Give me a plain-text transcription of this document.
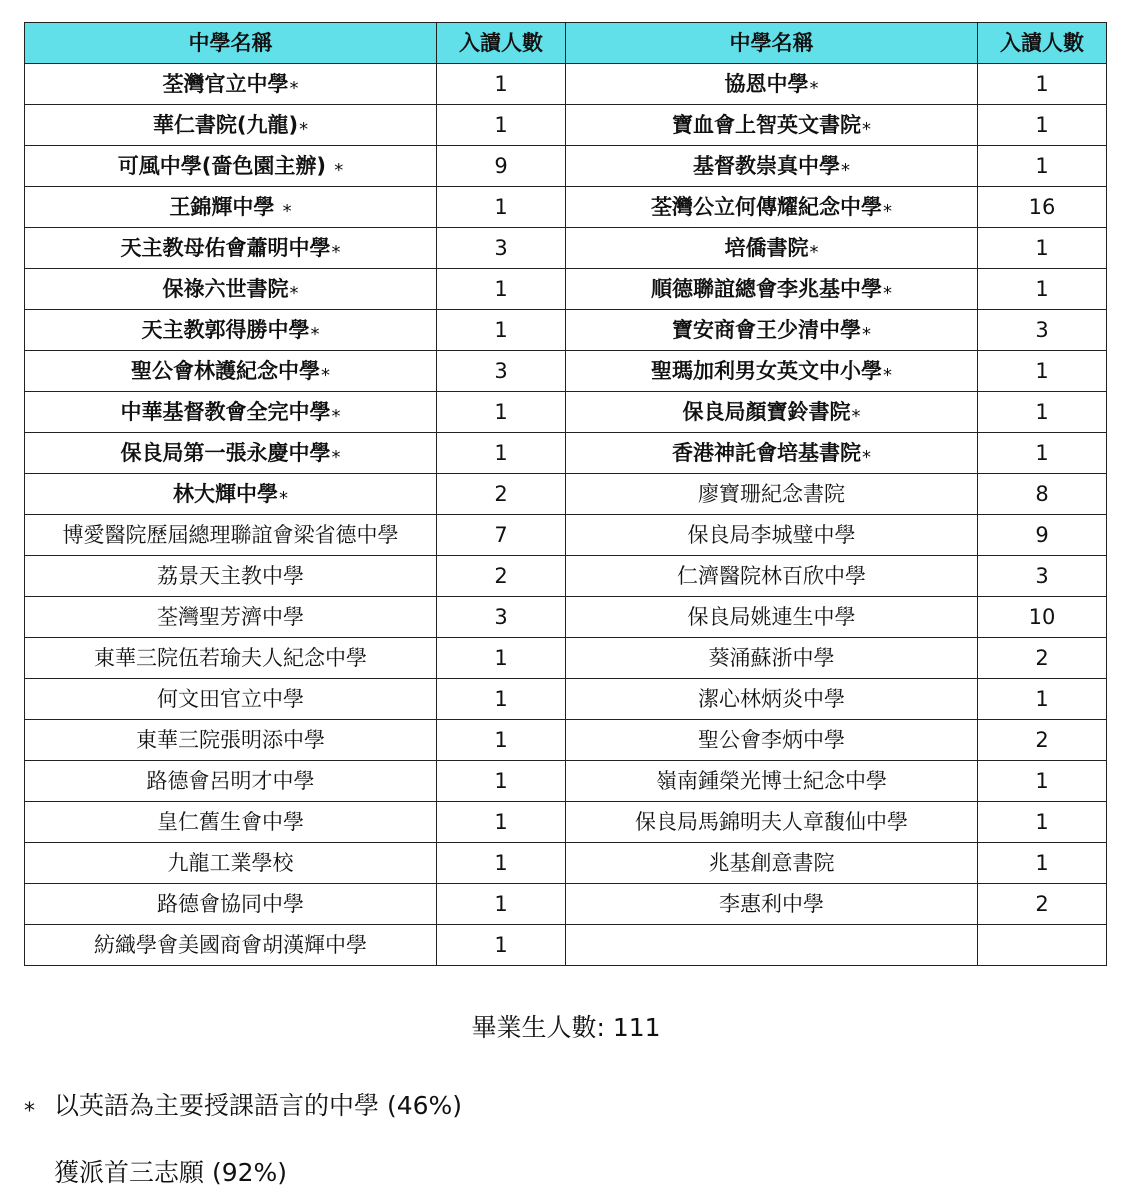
中學名稱	入讀人數	中學名稱	入讀人數
荃灣官立中學*	1	協恩中學*	1
華仁書院(九龍)*	1	寶血會上智英文書院*	1
可風中學(嗇色園主辦) *	9	基督教崇真中學*	1
王錦輝中學 *	1	荃灣公立何傳耀紀念中學*	16
天主教母佑會蕭明中學*	3	培僑書院*	1
保祿六世書院*	1	順德聯誼總會李兆基中學*	1
天主教郭得勝中學*	1	寶安商會王少清中學*	3
聖公會林護紀念中學*	3	聖瑪加利男女英文中小學*	1
中華基督教會全完中學*	1	保良局顏寶鈴書院*	1
保良局第一張永慶中學*	1	香港神託會培基書院*	1
林大輝中學*	2	廖寶珊紀念書院	8
博愛醫院歷屆總理聯誼會梁省德中學	7	保良局李城璧中學	9
荔景天主教中學	2	仁濟醫院林百欣中學	3
荃灣聖芳濟中學	3	保良局姚連生中學	10
東華三院伍若瑜夫人紀念中學	1	葵涌蘇浙中學	2
何文田官立中學	1	潔心林炳炎中學	1
東華三院張明添中學	1	聖公會李炳中學	2
路德會呂明才中學	1	嶺南鍾榮光博士紀念中學	1
皇仁舊生會中學	1	保良局馬錦明夫人章馥仙中學	1
九龍工業學校	1	兆基創意書院	1
路德會協同中學	1	李惠利中學	2
紡織學會美國商會胡漢輝中學	1		
畢業生人數: 111
* 以英語為主要授課語言的中學 (46%)
獲派首三志願 (92%)
